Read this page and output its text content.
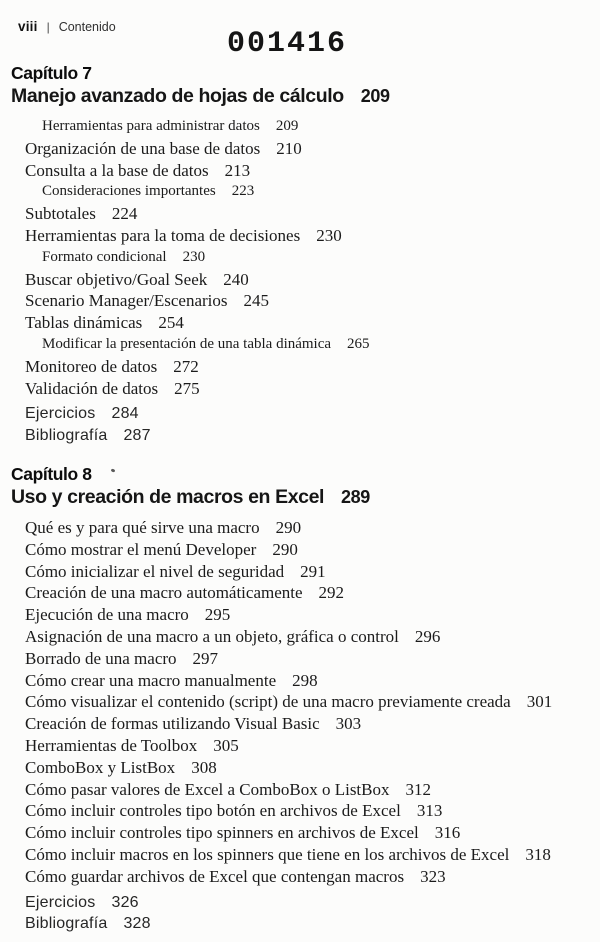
viii | Contenido	001416
Capítulo 7
Manejo avanzado de hojas de cálculo 209
Herramientas para administrar datos 209
Organización de una base de datos 210
Consulta a la base de datos 213
Consideraciones importantes 223
Subtotales 224
Herramientas para la toma de decisiones 230
Formato condicional 230
Buscar objetivo/Goal Seek 240
Scenario Manager/Escenarios 245
Tablas dinámicas 254
Modificar la presentación de una tabla dinámica 265
Monitoreo de datos 272
Validación de datos 275
Ejercicios 284
Bibliografía 287
Capítulo 8
Uso y creación de macros en Excel 289
Qué es y para qué sirve una macro 290
Cómo mostrar el menú Developer 290
Cómo inicializar el nivel de seguridad 291
Creación de una macro automáticamente 292
Ejecución de una macro 295
Asignación de una macro a un objeto, gráfica o control 296
Borrado de una macro 297
Cómo crear una macro manualmente 298
Cómo visualizar el contenido (script) de una macro previamente creada 301
Creación de formas utilizando Visual Basic 303
Herramientas de Toolbox 305
ComboBox y ListBox 308
Cómo pasar valores de Excel a ComboBox o ListBox 312
Cómo incluir controles tipo botón en archivos de Excel 313
Cómo incluir controles tipo spinners en archivos de Excel 316
Cómo incluir macros en los spinners que tiene en los archivos de Excel 318
Cómo guardar archivos de Excel que contengan macros 323
Ejercicios 326
Bibliografía 328
